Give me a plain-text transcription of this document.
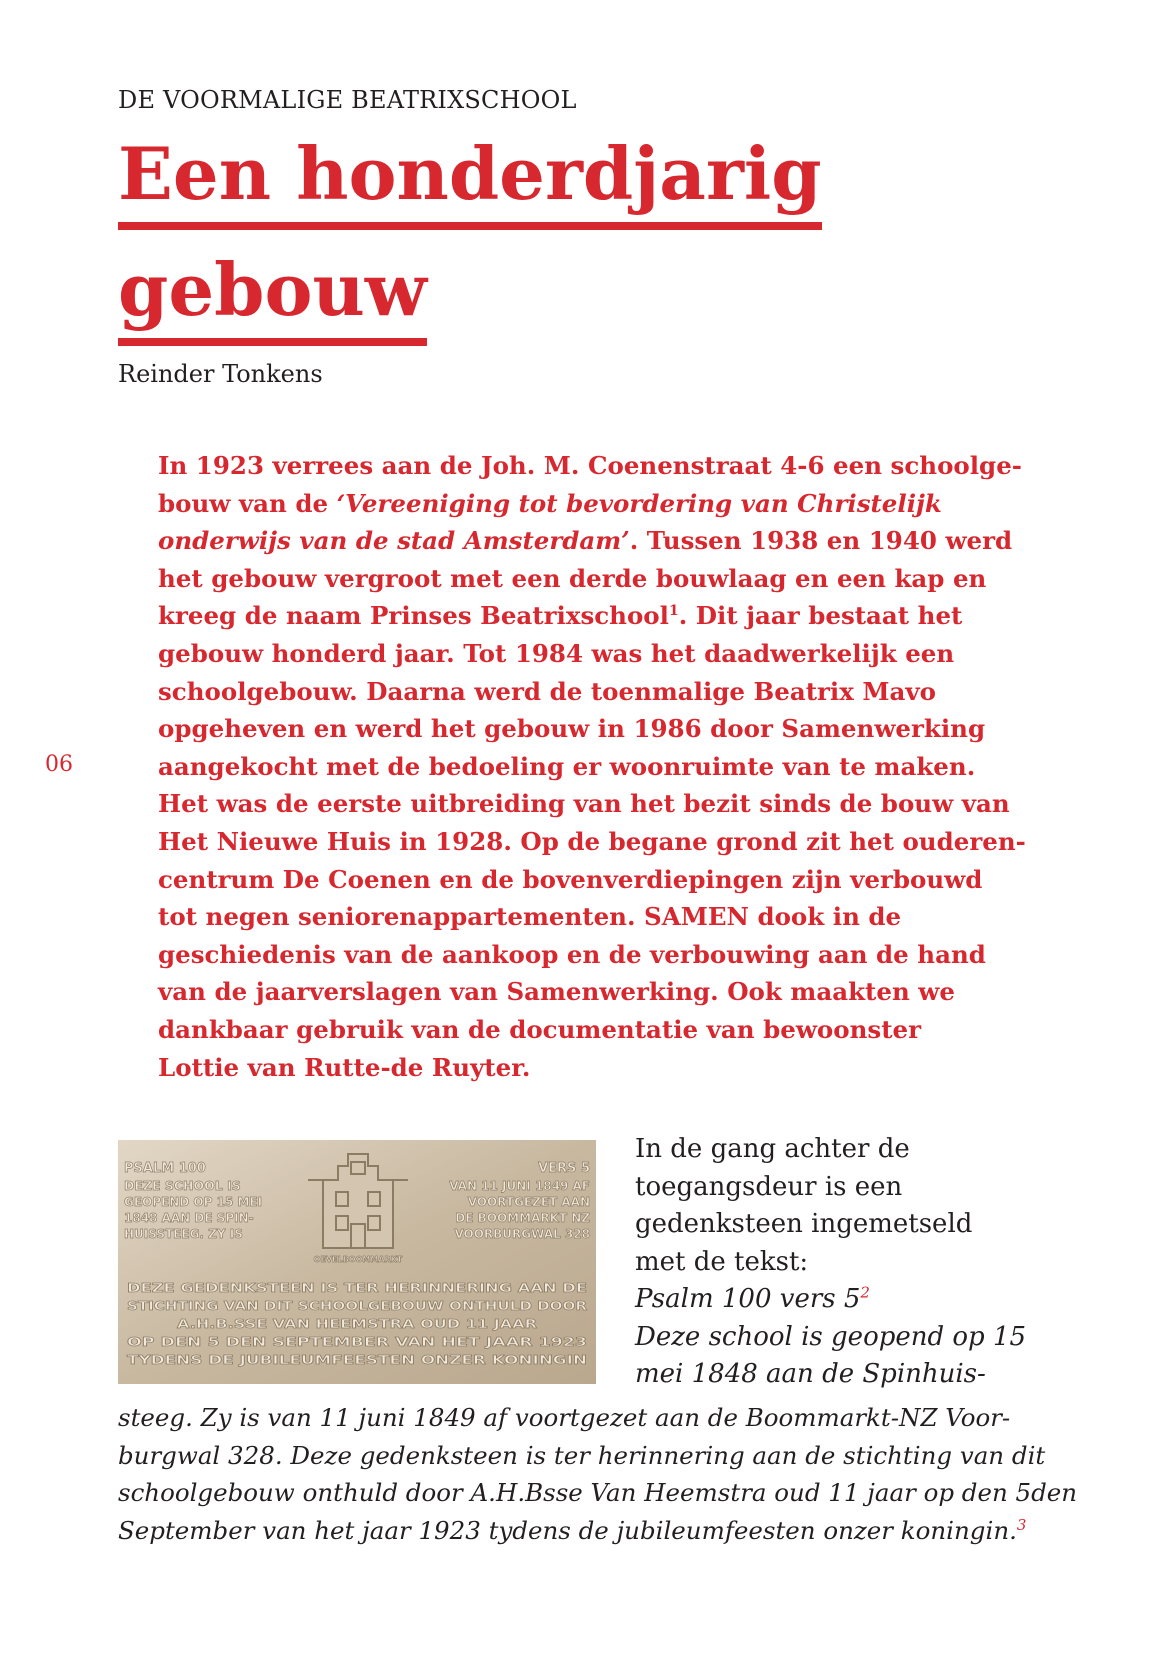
DE VOORMALIGE BEATRIXSCHOOL
Een honderdjarig
gebouw
Reinder Tonkens
06

In 1923 verrees aan de Joh. M. Coenenstraat 4-6 een schoolge-
bouw van de ‘Vereeniging tot bevordering van Christelijk
onderwijs van de stad Amsterdam’. Tussen 1938 en 1940 werd
het gebouw vergroot met een derde bouwlaag en een kap en
kreeg de naam Prinses Beatrixschool$^1$. Dit jaar bestaat het
gebouw honderd jaar. Tot 1984 was het daadwerkelijk een
schoolgebouw. Daarna werd de toenmalige Beatrix Mavo
opgeheven en werd het gebouw in 1986 door Samenwerking
aangekocht met de bedoeling er woonruimte van te maken.
Het was de eerste uitbreiding van het bezit sinds de bouw van
Het Nieuwe Huis in 1928. Op de begane grond zit het ouderen-
centrum De Coenen en de bovenverdiepingen zijn verbouwd
tot negen seniorenappartementen. SAMEN dook in de
geschiedenis van de aankoop en de verbouwing aan de hand
van de jaarverslagen van Samenwerking. Ook maakten we
dankbaar gebruik van de documentatie van bewoonster
Lottie van Rutte-de Ruyter.

PSALM 100
DEZE SCHOOL IS
GEOPEND OP 15 MEI
1848 AAN DE SPIN-
HUISSTEEG. ZY IS
VERS 5
VAN 11 JUNI 1849 AF
VOORTGEZET AAN
DE BOOMMARKT NZ
VOORBURGWAL 328
OEVELBOOMMARKT
DEZE GEDENKSTEEN IS TER HERINNERING AAN DE
STICHTING VAN DIT SCHOOLGEBOUW ONTHULD DOOR
A.H.B.SSE VAN HEEMSTRA OUD 11 JAAR
OP DEN 5 DEN SEPTEMBER VAN HET JAAR 1923
TYDENS DE JUBILEUMFEESTEN ONZER KONINGIN
In de gang achter de
toegangsdeur is een
gedenksteen ingemetseld
met de tekst:
Psalm 100 vers 5$^2$
Deze school is geopend op 15
mei 1848 aan de Spinhuis-
steeg. Zy is van 11 juni 1849 af voortgezet aan de Boommarkt-NZ Voor-
burgwal 328. Deze gedenksteen is ter herinnering aan de stichting van dit
schoolgebouw onthuld door A.H.Bsse Van Heemstra oud 11 jaar op den 5den
September van het jaar 1923 tydens de jubileumfeesten onzer koningin.$^3$
